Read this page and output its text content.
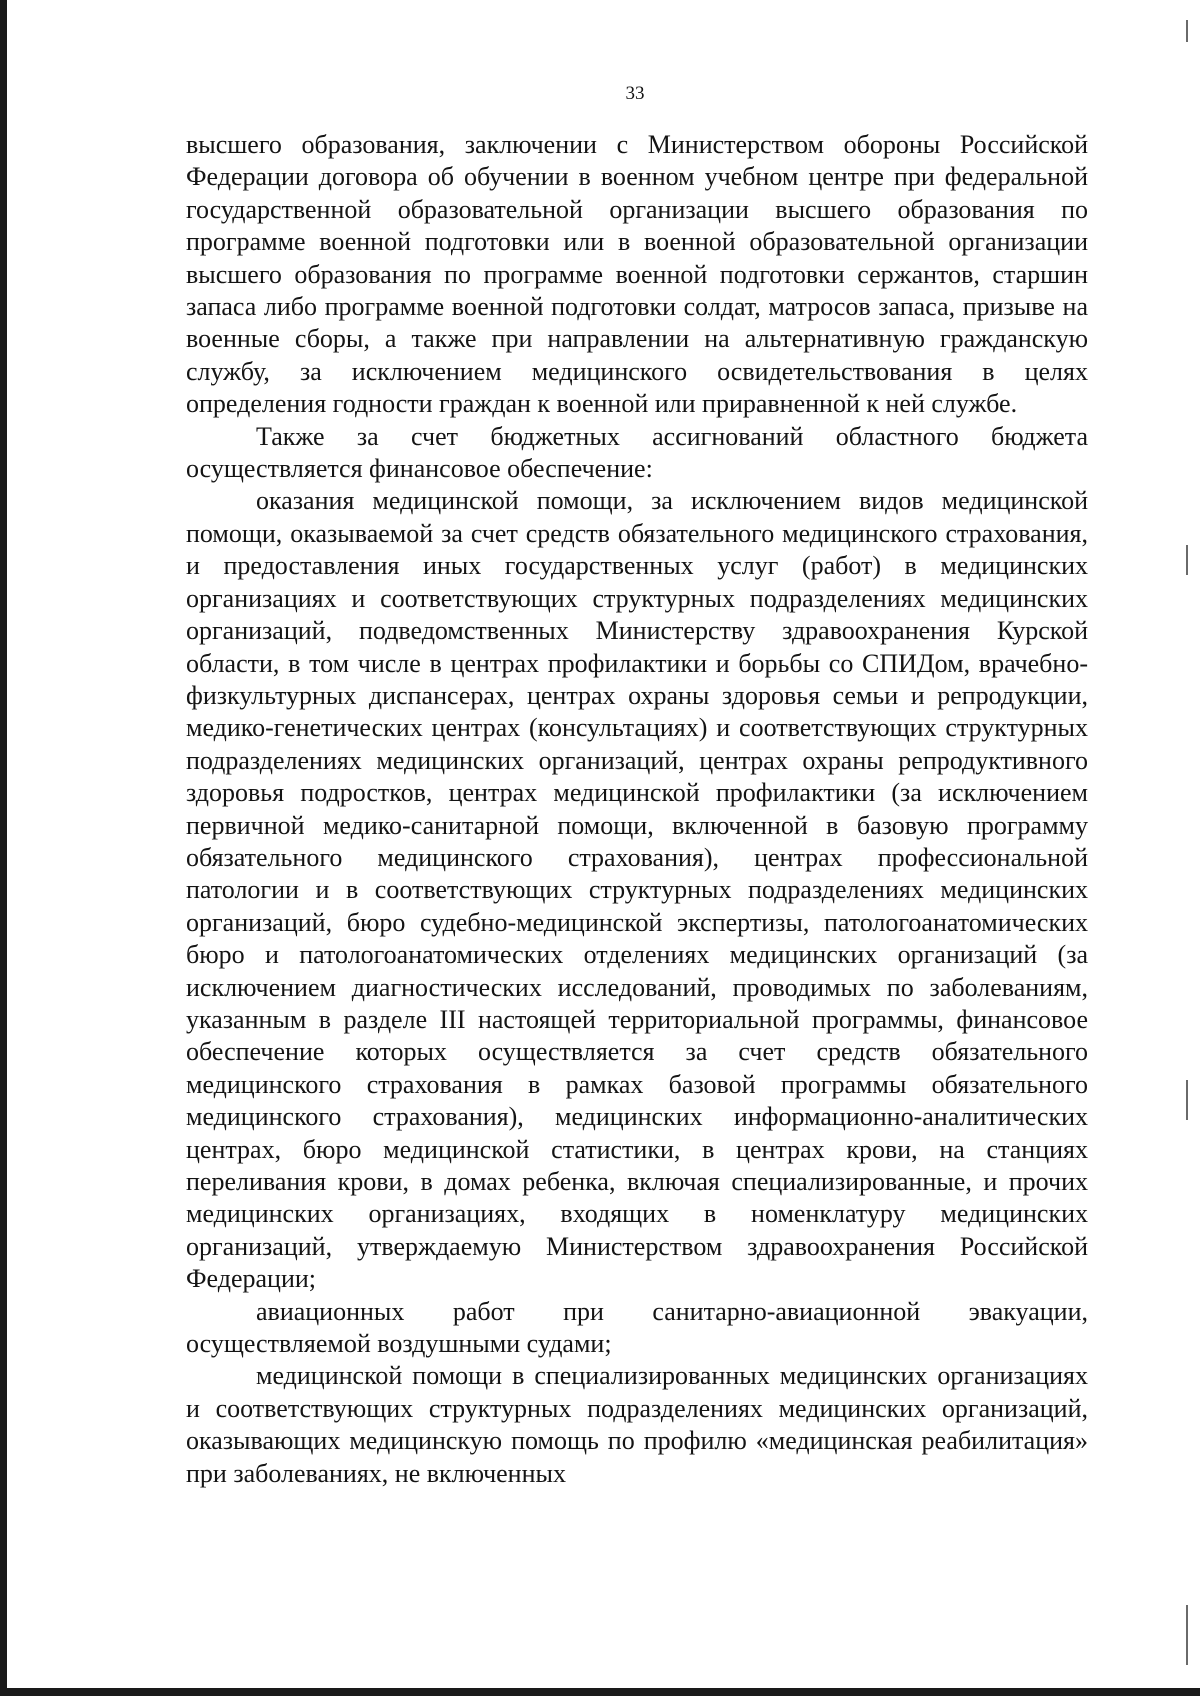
33

высшего образования, заключении с Министерством обороны Российской Федерации договора об обучении в военном учебном центре при федеральной государственной образовательной организации высшего образования по программе военной подготовки или в военной образовательной организации высшего образования по программе военной подготовки сержантов, старшин запаса либо программе военной подготовки солдат, матросов запаса, призыве на военные сборы, а также при направлении на альтернативную гражданскую службу, за исключением медицинского освидетельствования в целях определения годности граждан к военной или приравненной к ней службе.

Также за счет бюджетных ассигнований областного бюджета осуществляется финансовое обеспечение:

оказания медицинской помощи, за исключением видов медицинской помощи, оказываемой за счет средств обязательного медицинского страхования, и предоставления иных государственных услуг (работ) в медицинских организациях и соответствующих структурных подразделениях медицинских организаций, подведомственных Министерству здравоохранения Курской области, в том числе в центрах профилактики и борьбы со СПИДом, врачебно-физкультурных диспансерах, центрах охраны здоровья семьи и репродукции, медико-генетических центрах (консультациях) и соответствующих структурных подразделениях медицинских организаций, центрах охраны репродуктивного здоровья подростков, центрах медицинской профилактики (за исключением первичной медико-санитарной помощи, включенной в базовую программу обязательного медицинского страхования), центрах профессиональной патологии и в соответствующих структурных подразделениях медицинских организаций, бюро судебно-медицинской экспертизы, патологоанатомических бюро и патологоанатомических отделениях медицинских организаций (за исключением диагностических исследований, проводимых по заболеваниям, указанным в разделе III настоящей территориальной программы, финансовое обеспечение которых осуществляется за счет средств обязательного медицинского страхования в рамках базовой программы обязательного медицинского страхования), медицинских информационно-аналитических центрах, бюро медицинской статистики, в центрах крови, на станциях переливания крови, в домах ребенка, включая специализированные, и прочих медицинских организациях, входящих в номенклатуру медицинских организаций, утверждаемую Министерством здравоохранения Российской Федерации;

авиационных работ при санитарно-авиационной эвакуации, осуществляемой воздушными судами;

медицинской помощи в специализированных медицинских организациях и соответствующих структурных подразделениях медицинских организаций, оказывающих медицинскую помощь по профилю «медицинская реабилитация» при заболеваниях, не включенных
